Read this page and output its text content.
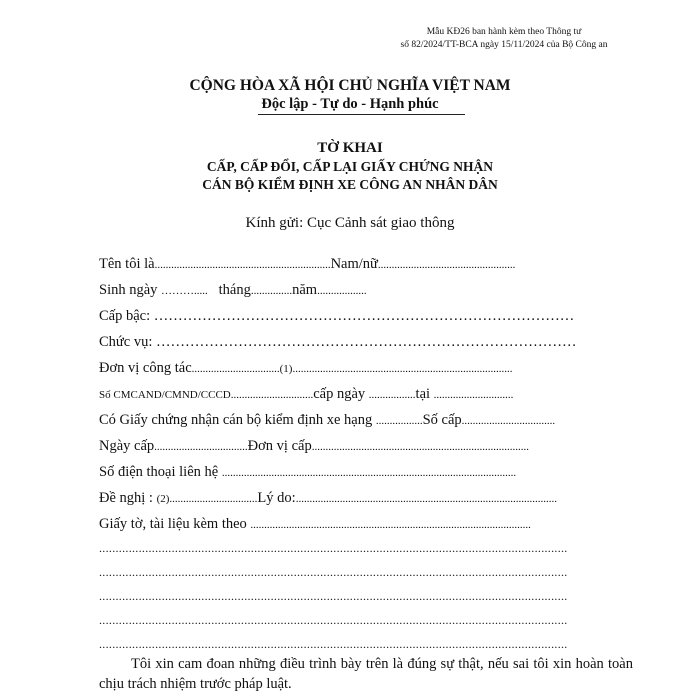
Mẫu KĐ26 ban hành kèm theo Thông tư
số 82/2024/TT-BCA ngày 15/11/2024 của Bộ Công an
CỘNG HÒA XÃ HỘI CHỦ NGHĨA VIỆT NAM
Độc lập - Tự do - Hạnh phúc
TỜ KHAI
CẤP, CẤP ĐỔI, CẤP LẠI GIẤY CHỨNG NHẬN
CÁN BỘ KIỂM ĐỊNH XE CÔNG AN NHÂN DÂN
Kính gửi: Cục Cảnh sát giao thông
Tên tôi là................................................................Nam/nữ..................................................
Sinh ngày ………..... tháng...............năm..................
Cấp bậc: ……………………………………………………………………………
Chức vụ: ……………………………………………………………………………
Đơn vị công tác................................(1)................................................................................
Số CMCAND/CMND/CCCD..............................cấp ngày .................tại .............................
Có Giấy chứng nhận cán bộ kiểm định xe hạng .................Số cấp..................................
Ngày cấp..................................Đơn vị cấp...............................................................................
Số điện thoại liên hệ ...........................................................................................................
Đề nghị : (2)................................Lý do:...............................................................................................
Giấy tờ, tài liệu kèm theo ......................................................................................................
..............................................................................................................................................
..............................................................................................................................................
..............................................................................................................................................
..............................................................................................................................................
..............................................................................................................................................
Tôi xin cam đoan những điều trình bày trên là đúng sự thật, nếu sai tôi xin hoàn toàn chịu trách nhiệm trước pháp luật.
